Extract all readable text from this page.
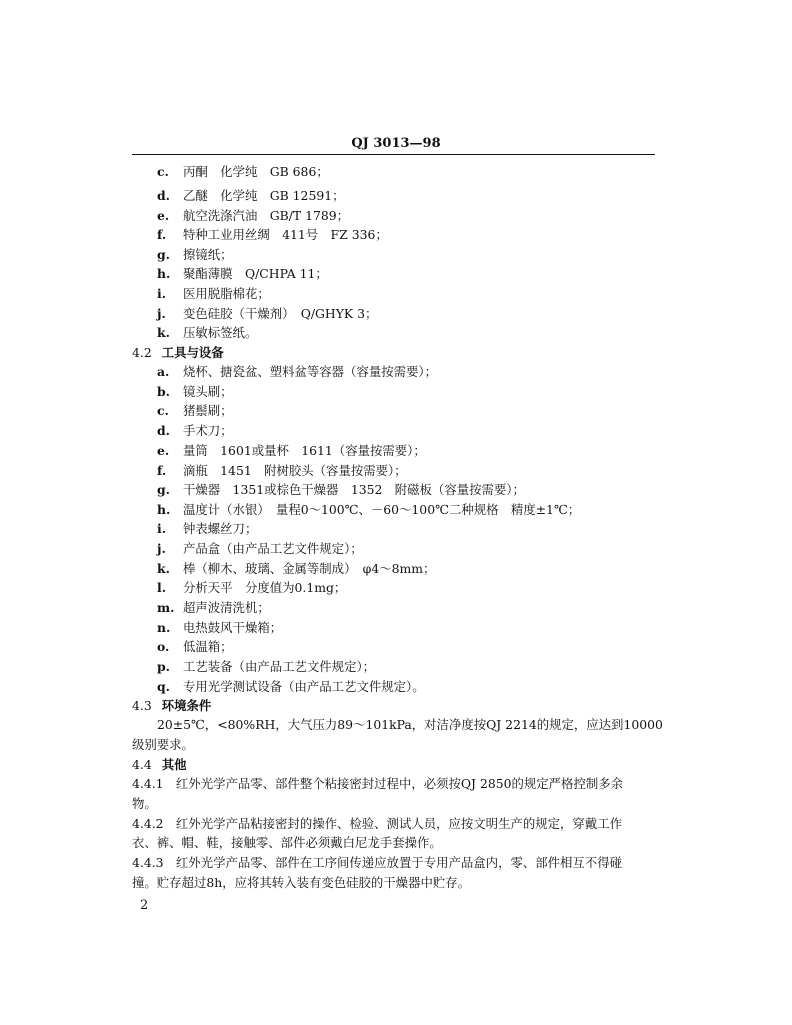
QJ 3013—98
c. 丙酮　化学纯　GB 686；
d. 乙醚　化学纯　GB 12591；
e. 航空洗涤汽油　GB/T 1789；
f. 特种工业用丝绸　411号　FZ 336；
g. 擦镜纸；
h. 聚酯薄膜　Q/CHPA 11；
i. 医用脱脂棉花；
j. 变色硅胶（干燥剂）　Q/GHYK 3；
k. 压敏标签纸。
4.2 工具与设备
a. 烧杯、搪瓷盆、塑料盆等容器（容量按需要）；
b. 镜头刷；
c. 猪鬃刷；
d. 手术刀；
e. 量筒　1601或量杯　1611（容量按需要）；
f. 滴瓶　1451　附树胶头（容量按需要）；
g. 干燥器　1351或棕色干燥器　1352　附磁板（容量按需要）；
h. 温度计（水银）　量程0～100℃、－60～100℃二种规格　精度±1℃；
i. 钟表螺丝刀；
j. 产品盒（由产品工艺文件规定）；
k. 棒（柳木、玻璃、金属等制成）　φ4～8mm；
l. 分析天平　分度值为0.1mg；
m. 超声波清洗机；
n. 电热鼓风干燥箱；
o. 低温箱；
p. 工艺装备（由产品工艺文件规定）；
q. 专用光学测试设备（由产品工艺文件规定）。
4.3 环境条件
20±5℃，<80%RH，大气压力89～101kPa，对洁净度按QJ 2214的规定，应达到10000
级别要求。
4.4 其他
4.4.1　红外光学产品零、部件整个粘接密封过程中，必须按QJ 2850的规定严格控制多余
物。
4.4.2　红外光学产品粘接密封的操作、检验、测试人员，应按文明生产的规定，穿戴工作
衣、裤、帽、鞋，接触零、部件必须戴白尼龙手套操作。
4.4.3　红外光学产品零、部件在工序间传递应放置于专用产品盒内，零、部件相互不得碰
撞。贮存超过8h，应将其转入装有变色硅胶的干燥器中贮存。
2
